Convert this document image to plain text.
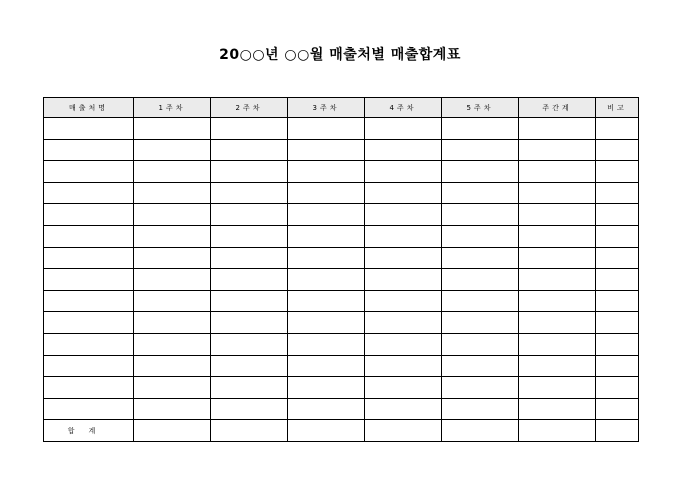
20○○년 ○○월 매출처별 매출합계표
매출처명	1주차	2주차	3주차	4주차	5주차	주간계	비고

합계							
